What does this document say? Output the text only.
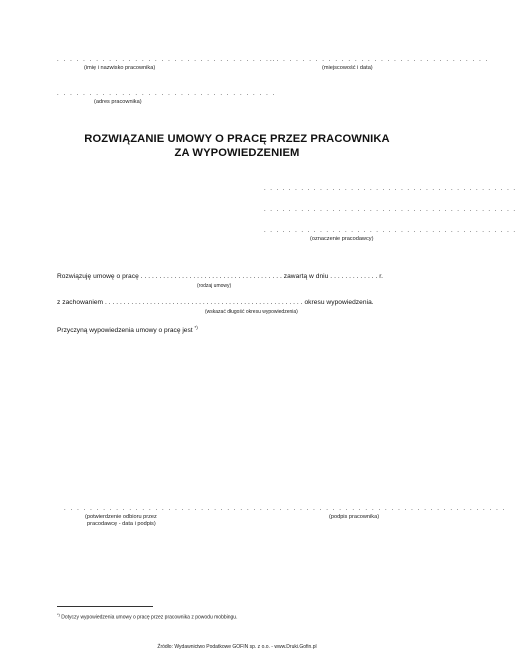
. . . . . . . . . . . . . . . . . . . . . . . . . . . . . . . . . .
(imię i nazwisko pracownika)
. . . . . . . . . . . . . . . . . . . . . . . . . . . . . . . . . .
(miejscowość i data)
. . . . . . . . . . . . . . . . . . . . . . . . . . . . . . . . . .
(adres pracownika)
ROZWIĄZANIE UMOWY O PRACĘ PRZEZ PRACOWNIKA
ZA WYPOWIEDZENIEM
. . . . . . . . . . . . . . . . . . . . . . . . . . . . . . . . . . . . . . . . .
. . . . . . . . . . . . . . . . . . . . . . . . . . . . . . . . . . . . . . . . .
. . . . . . . . . . . . . . . . . . . . . . . . . . . . . . . . . . . . . . . . .
(oznaczenie pracodawcy)
Rozwiązuję umowę o pracę . . . . . . . . . . . . . . . . . . . . . . . . . . . . . . . . . . . . . . zawartą w dniu . . . . . . . . . . . . . r.
(rodzaj umowy)
z zachowaniem . . . . . . . . . . . . . . . . . . . . . . . . . . . . . . . . . . . . . . . . . . . . . . . . . . . . . okresu wypowiedzenia.
(wskazać długość okresu wypowiedzenia)
Przyczyną wypowiedzenia umowy o pracę jest *)
. . . . . . . . . . . . . . . . . . . . . . . . . . . . . . . . . .
(potwierdzenie odbioru przez
pracodawcę - data i podpis)
. . . . . . . . . . . . . . . . . . . . . . . . . . . . . . . . . .
(podpis pracownika)
*) Dotyczy wypowiedzenia umowy o pracę przez pracownika z powodu mobbingu.
Źródło: Wydawnictwo Podatkowe GOFIN sp. z o.o. - www.Druki.Gofin.pl
